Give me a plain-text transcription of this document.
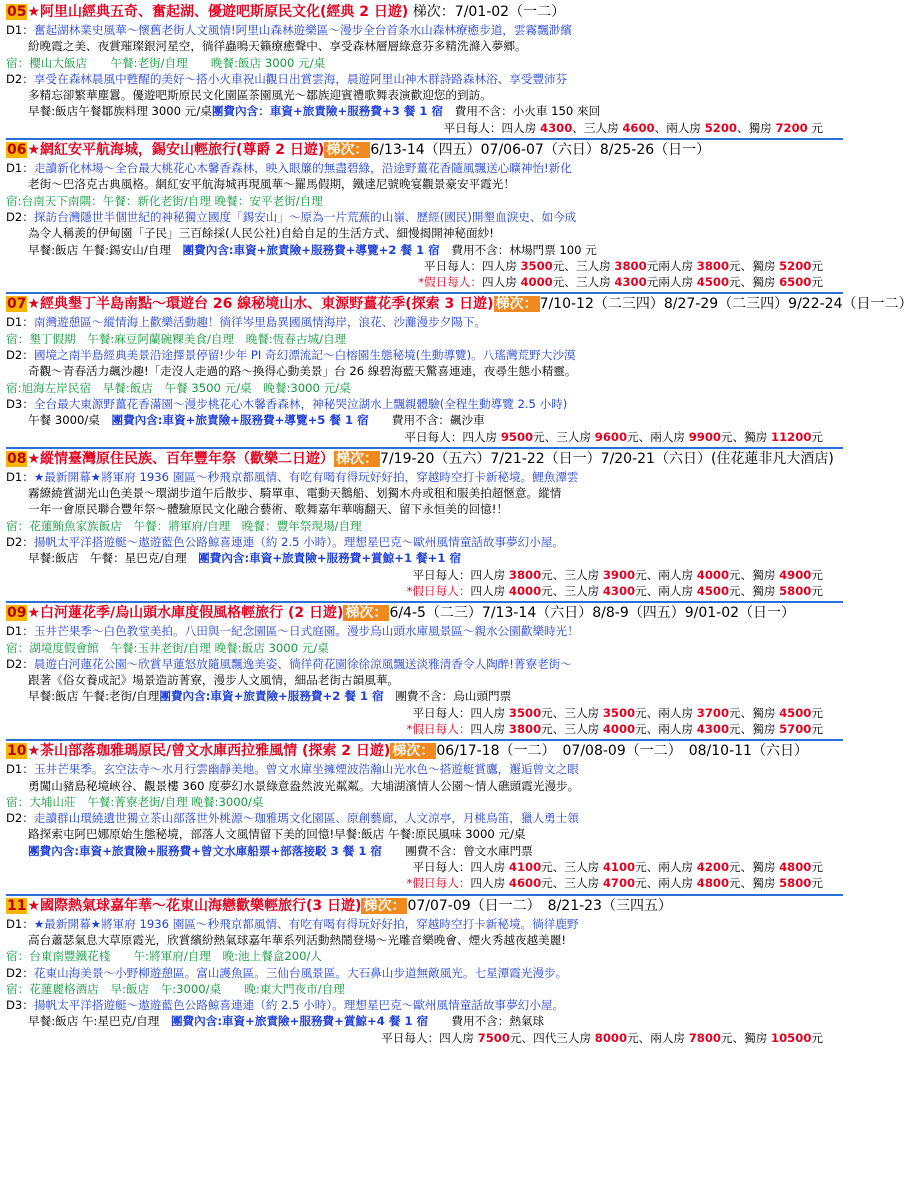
05★阿里山經典五奇、奮起湖、優遊吧斯原民文化(經典 2 日遊) 梯次：7/01-02（一二）
D1：奮起湖林業史風華～懷舊老街人文風情!阿里山森林遊樂區～漫步全台首条水山森林療癒步道，雲霧飄渺繽
紛晚霞之美、夜賞璀璨銀河星空，徜徉蟲鳴天籟療癒聲中、享受森林層層綠意芬多精洗滌入夢鄉。
宿：櫻山大飯店　　午餐:老街/自理　　晚餐:飯店 3000 元/桌
D2：享受在森林晨風中甦醒的美好～搭小火車祝山觀日出賞雲海，晨遊阿里山神木群詩路森林浴、享受豐沛芬
多精忘卻繁華塵囂。優遊吧斯原民文化園區茶園風光～鄒族迎賓禮歌舞表演歡迎您的到訪。
早餐:飯店午餐鄒族料理 3000 元/桌團費內含：車資+旅責險+服務費+3 餐 1 宿　費用不含：小火車 150 來回
平日每人：四人房 4300、三人房 4600、兩人房 5200、獨房 7200 元
06★網紅安平航海城，錫安山輕旅行(尊爵 2 日遊) 梯次： 6/13-14（四五）07/06-07（六日）8/25-26（日一）
D1：走讀新化林場～全台最大桃花心木馨香森林，映入眼簾的無盡碧綠，沿途野薑花香隨風飄送心曠神怡!新化
老街～巴洛克古典風格。網紅安平航海城再現風華～羅馬假期，鐵達尼號晚宴觀景豪安平霞光！
宿:台南天下南隅：午餐：新化老街/自理 晚餐：安平老街/自理
D2：探訪台灣隱世半個世紀的神秘獨立國度「錫安山」～原為一片荒蕪的山嶺、歷經(國民)開墾血淚史、如今成
為令人稱羨的伊甸園「子民」三百餘採(人民公社)自給自足的生活方式、細慢揭開神秘面紗!
早餐:飯店 午餐:錫安山/自理　團費內含:車資+旅責險+服務費+導覽+2 餐 1 宿　費用不含：林場門票 100 元
平日每人：四人房 3500元、三人房 3800元兩人房 3800元、獨房 5200元
*假日每人：四人房 4000元、三人房 4300元兩人房 4500元、獨房 6500元
07★經典墾丁半島南點～環遊台 26 線秘境山水、東源野薑花季(探索 3 日遊) 梯次： 7/10-12（二三四）8/27-29（二三四）9/22-24（日一二）
D1：南灣遊憩區～縱情海上歡樂活動趣！徜徉岑里島異國風情海岸，浪花、沙灘漫步夕陽下。
宿：墾丁假期　午餐:麻豆阿蘭碗粿美食/自理　晚餐:恆春古城/自理
D2：國境之南半島經典美景沿途擇景停留!少年 PI 奇幻漂流記～白榕園生態秘境(生動導覽)。八瑤灣荒野大沙漠
奇觀～青春活力飆沙趣!「走沒人走過的路～換得心動美景」台 26 線碧海藍天驚喜連連，夜尋生態小精靈。
宿:旭海左岸民宿　早餐:飯店　午餐 3500 元/桌　晚餐:3000 元/桌
D3：全台最大東源野薑花香滿園～漫步桃花心木馨香森林，神秘哭泣湖水上飄親體驗(全程生動導覽 2.5 小時)
午餐 3000/桌　團費內含:車資+旅責險+服務費+導覽+5 餐 1 宿　　費用不含：飆沙車
平日每人：四人房 9500元、三人房 9600元、兩人房 9900元、獨房 11200元
08★縱情臺灣原住民族、百年豐年祭（歡樂二日遊） 梯次： 7/19-20（五六）7/21-22（日一）7/20-21（六日）(住花蓮非凡大酒店)
D1：★最新開幕★將軍府 1936 園區～秒飛京都風情、有吃有喝有得玩好好拍，穿越時空打卡新秘境。鯉魚潭雲
霧繚繞賞湖光山色美景～環湖步道午后散步、騎單車、電動天鵝船、划獨木舟或租和服美拍超愜意。縱情
一年一會原民聯合豐年祭～體驗原民文化融合藝術、歌舞嘉年華嗨翻天、留下永恒美的回憶!！
宿：花蓮鮪魚家族飯店　午餐：將軍府/自理　晚餐：豐年祭現場/自理
D2：揚帆太平洋搭遊艇～遨遊藍色公路鯨喜連連（約 2.5 小時）。理想星巴克～歐州風情童話故事夢幻小屋。
早餐:飯店　午餐：星巴克/自理　團費內含:車資+旅責險+服務費+賞鯨+1 餐+1 宿
平日每人：四人房 3800元、三人房 3900元、兩人房 4000元、獨房 4900元
*假日每人：四人房 4000元、三人房 4300元、兩人房 4500元、獨房 5800元
09★白河蓮花季/烏山頭水庫度假風格輕旅行 (2 日遊) 梯次： 6/4-5（二三）7/13-14（六日）8/8-9（四五）9/01-02（日一）
D1：玉井芒果季～白色教堂美拍。八田與一紀念園區～日式庭園。漫步烏山頭水庫風景區～親水公園歡樂時光！
宿：湖境度假會館　午餐:玉井老街/自理 晚餐:飯店 3000 元/桌
D2：晨遊白河蓮花公園～欣賞早蓮怒放隨風飄逸美姿、徜徉荷花園徐徐涼風飄送淡雅清香令人陶醉!菁寮老街～
跟著《俗女養成記》場景造訪菁寮，漫步人文風情，細品老街古韻風華。
早餐:飯店 午餐:老街/自理團費內含:車資+旅責險+服務費+2 餐 1 宿　團費不含：烏山頭門票
平日每人：四人房 3500元、三人房 3500元、兩人房 3700元、獨房 4500元
*假日每人：四人房 3800元、三人房 4000元、兩人房 4300元、獨房 5700元
10★茶山部落珈雅瑪原民/曾文水庫西拉雅風情 (探索 2 日遊) 梯次： 06/17-18（一二）　07/08-09（一二）　08/10-11（六日）
D1：玉井芒果季。玄空法寺～水月行雲幽靜美地。曾文水庫坐擁煙波浩瀚山光水色～搭遊艇賞鷹，邂逅曾文之眼
勇闖山豬島秘境峽谷、觀景樓 360 度夢幻水景綠意盎然波光粼粼。大埔湖濱情人公園～情人礁頭霞光漫步。
宿：大埔山莊　午餐:菁寮老街/自理 晚餐:3000/桌
D2：走讀群山環繞遺世獨立茶山部落世外桃源～珈雅瑪文化園區、原創藝廊，人文涼亭，月桃鳥笛，獵人勇士領
路探索屯阿巴娜原始生態秘境，部落人文風情留下美的回憶!早餐:飯店 午餐:原民風味 3000 元/桌
團費內含:車資+旅責險+服務費+曾文水庫船票+部落接駁 3 餐 1 宿　　團費不含：曾文水庫門票
平日每人：四人房 4100元、三人房 4100元、兩人房 4200元、獨房 4800元
*假日每人：四人房 4600元、三人房 4700元、兩人房 4800元、獨房 5800元
11★國際熱氣球嘉年華～花東山海戀歡樂輕旅行(3 日遊) 梯次： 07/07-09（日一二）　8/21-23（三四五）
D1：★最新開幕★將軍府 1936 園區～秒飛京都風情、有吃有喝有得玩好好拍，穿越時空打卡新秘境。徜徉鹿野
高台蕭瑟氣息大草原霞光，欣賞繽紛熱氣球嘉年華系列活動熱鬧登場～光雕音樂晚會、煙火秀越夜越美麗!
宿：台東南豐鐵花棧　　午:將軍府/自理　晚:池上餐盒200/人
D2：花東山海美景～小野柳遊憩區。富山護魚區。三仙台風景區。大石鼻山步道無敵風光。七星潭霞光漫步。
宿：花蓮麗格酒店　早:飯店　午:3000/桌　　晚:東大門夜市/自理
D3：揚帆太平洋搭遊艇～遨遊藍色公路鯨喜連連（約 2.5 小時）。理想星巴克～歐州風情童話故事夢幻小屋。
早餐:飯店 午:星巴克/自理　團費內含:車資+旅責險+服務費+賞鯨+4 餐 1 宿　　費用不含：熱氣球
平日每人：四人房 7500元、四代三人房 8000元、兩人房 7800元、獨房 10500元
